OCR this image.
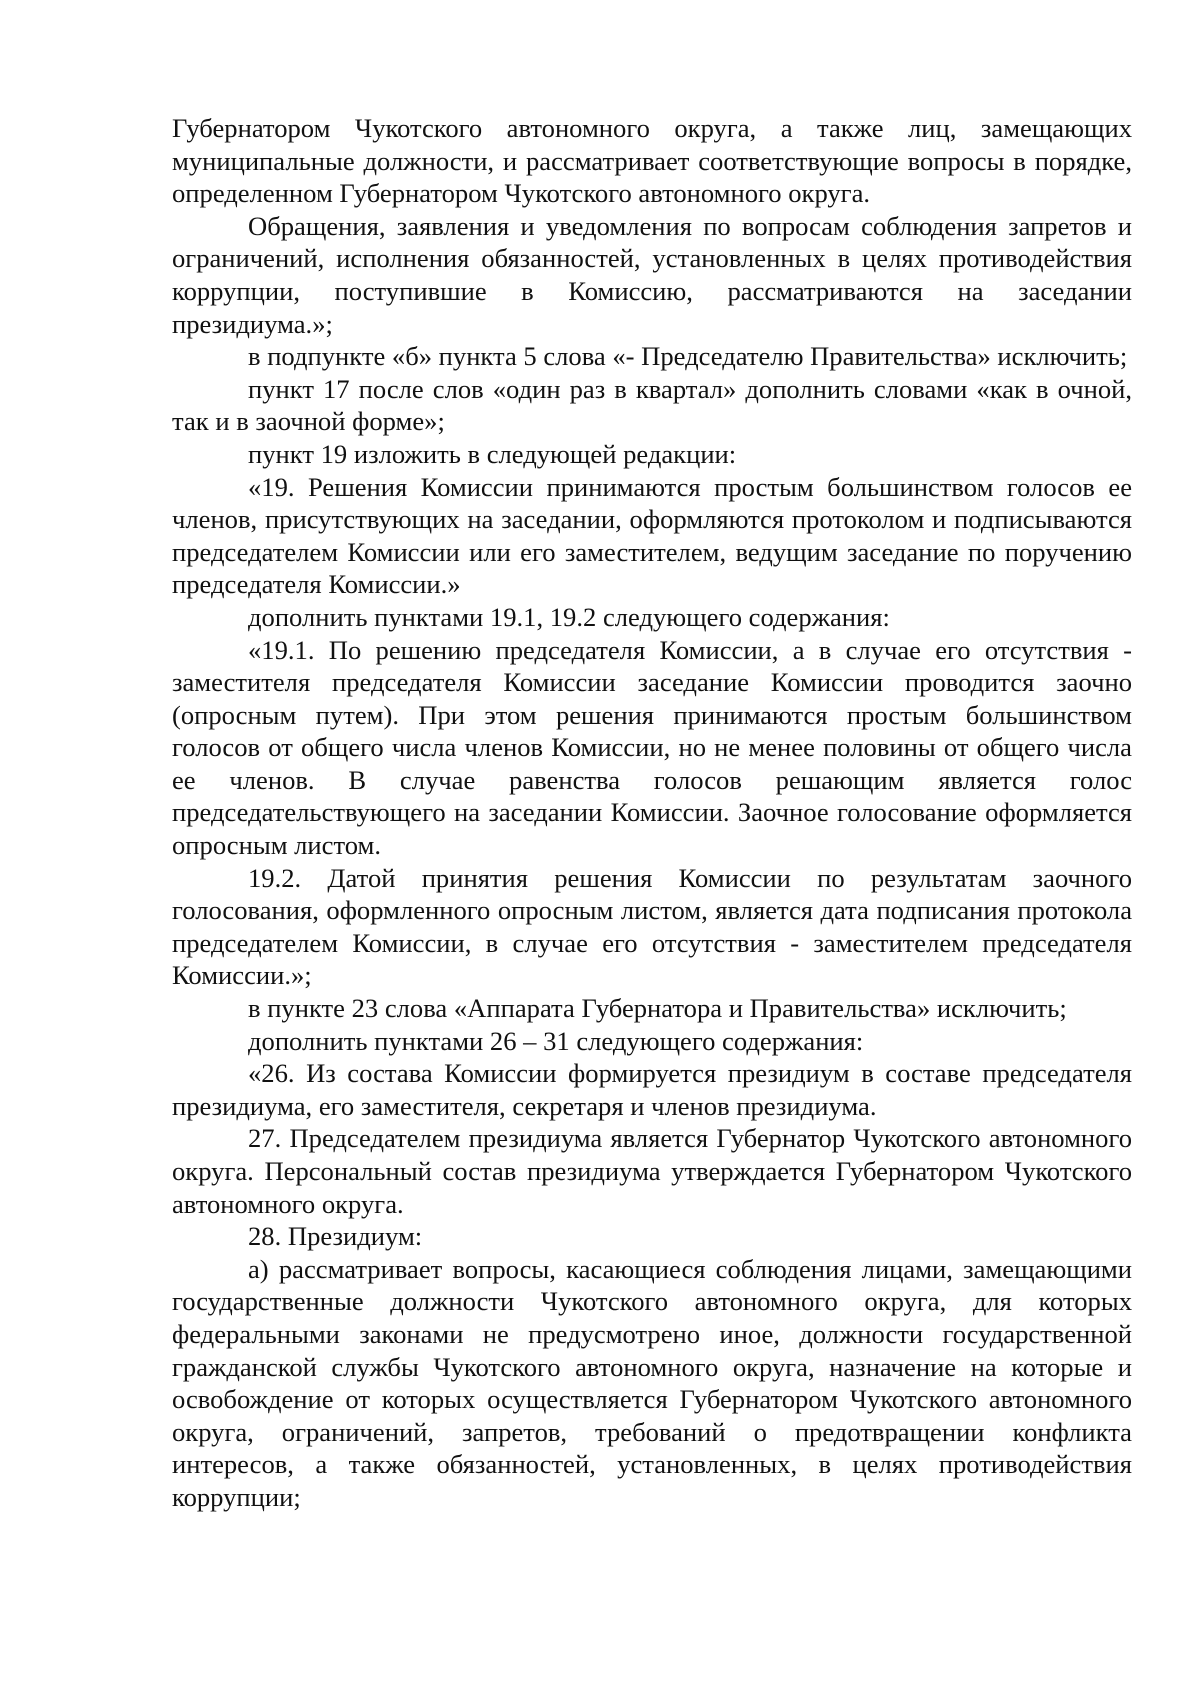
Губернатором Чукотского автономного округа, а также лиц, замещающих муниципальные должности, и рассматривает соответствующие вопросы в порядке, определенном Губернатором Чукотского автономного округа.

Обращения, заявления и уведомления по вопросам соблюдения запретов и ограничений, исполнения обязанностей, установленных в целях противодействия коррупции, поступившие в Комиссию, рассматриваются на заседании президиума.»;

в подпункте «б» пункта 5 слова «- Председателю Правительства» исключить;

пункт 17 после слов «один раз в квартал» дополнить словами «как в очной, так и в заочной форме»;

пункт 19 изложить в следующей редакции:

«19. Решения Комиссии принимаются простым большинством голосов ее членов, присутствующих на заседании, оформляются протоколом и подписываются председателем Комиссии или его заместителем, ведущим заседание по поручению председателя Комиссии.»

дополнить пунктами 19.1, 19.2 следующего содержания:

«19.1. По решению председателя Комиссии, а в случае его отсутствия - заместителя председателя Комиссии заседание Комиссии проводится заочно (опросным путем). При этом решения принимаются простым большинством голосов от общего числа членов Комиссии, но не менее половины от общего числа ее членов. В случае равенства голосов решающим является голос председательствующего на заседании Комиссии. Заочное голосование оформляется опросным листом.

19.2. Датой принятия решения Комиссии по результатам заочного голосования, оформленного опросным листом, является дата подписания протокола председателем Комиссии, в случае его отсутствия - заместителем председателя Комиссии.»;

в пункте 23 слова «Аппарата Губернатора и Правительства» исключить;

дополнить пунктами 26 – 31 следующего содержания:

«26. Из состава Комиссии формируется президиум в составе председателя президиума, его заместителя, секретаря и членов президиума.

27. Председателем президиума является Губернатор Чукотского автономного округа. Персональный состав президиума утверждается Губернатором Чукотского автономного округа.

28. Президиум:

а) рассматривает вопросы, касающиеся соблюдения лицами, замещающими государственные должности Чукотского автономного округа, для которых федеральными законами не предусмотрено иное, должности государственной гражданской службы Чукотского автономного округа, назначение на которые и освобождение от которых осуществляется Губернатором Чукотского автономного округа, ограничений, запретов, требований о предотвращении конфликта интересов, а также обязанностей, установленных, в целях противодействия коррупции;
